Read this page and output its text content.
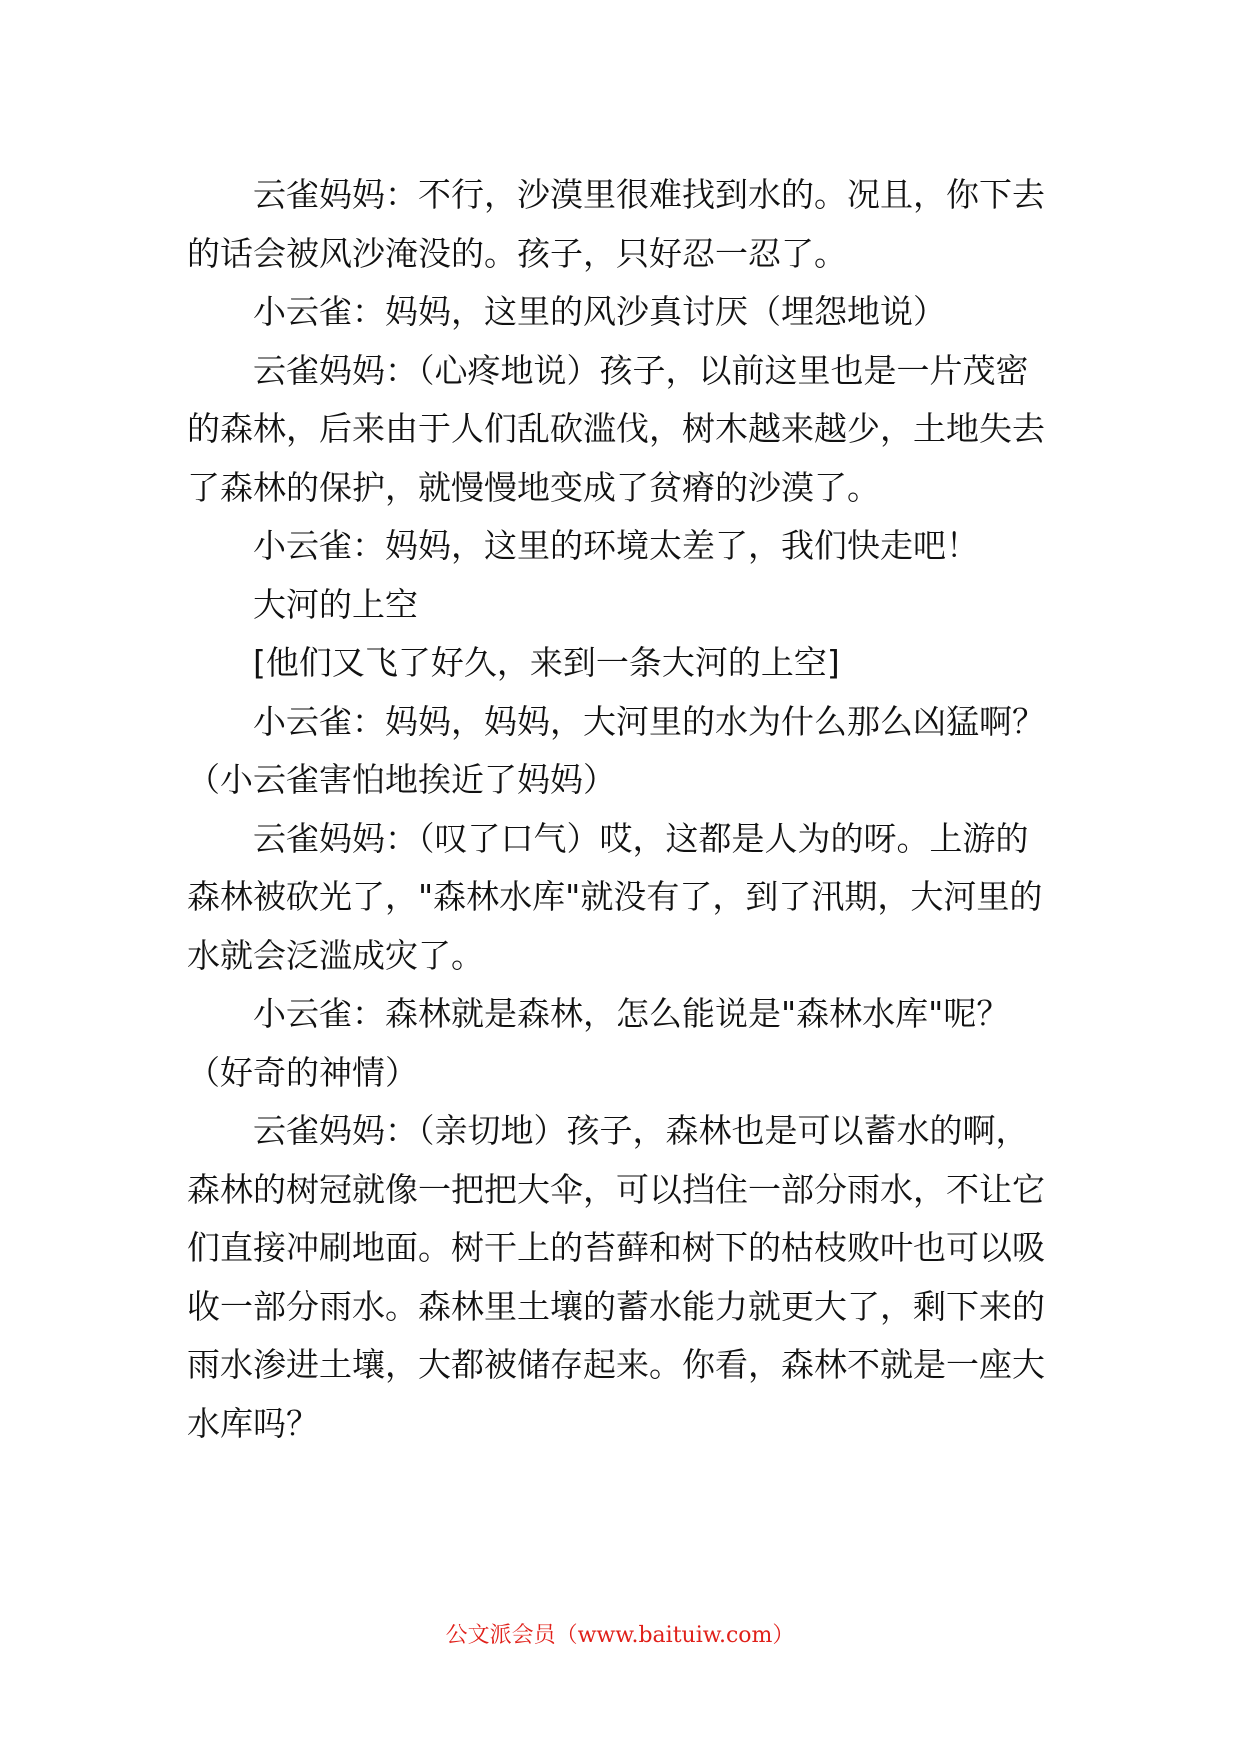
云雀妈妈：不行，沙漠里很难找到水的。况且，你下去的话会被风沙淹没的。孩子，只好忍一忍了。

小云雀：妈妈，这里的风沙真讨厌（埋怨地说）

云雀妈妈：（心疼地说）孩子，以前这里也是一片茂密的森林，后来由于人们乱砍滥伐，树木越来越少，土地失去了森林的保护，就慢慢地变成了贫瘠的沙漠了。

小云雀：妈妈，这里的环境太差了，我们快走吧！

大河的上空

[他们又飞了好久，来到一条大河的上空]

小云雀：妈妈，妈妈，大河里的水为什么那么凶猛啊？（小云雀害怕地挨近了妈妈）

云雀妈妈：（叹了口气）哎，这都是人为的呀。上游的森林被砍光了，"森林水库"就没有了，到了汛期，大河里的水就会泛滥成灾了。

小云雀：森林就是森林，怎么能说是"森林水库"呢？（好奇的神情）

云雀妈妈：（亲切地）孩子，森林也是可以蓄水的啊，森林的树冠就像一把把大伞，可以挡住一部分雨水，不让它们直接冲刷地面。树干上的苔藓和树下的枯枝败叶也可以吸收一部分雨水。森林里土壤的蓄水能力就更大了，剩下来的雨水渗进土壤，大都被储存起来。你看，森林不就是一座大水库吗？

公文派会员（www.baituiw.com）
